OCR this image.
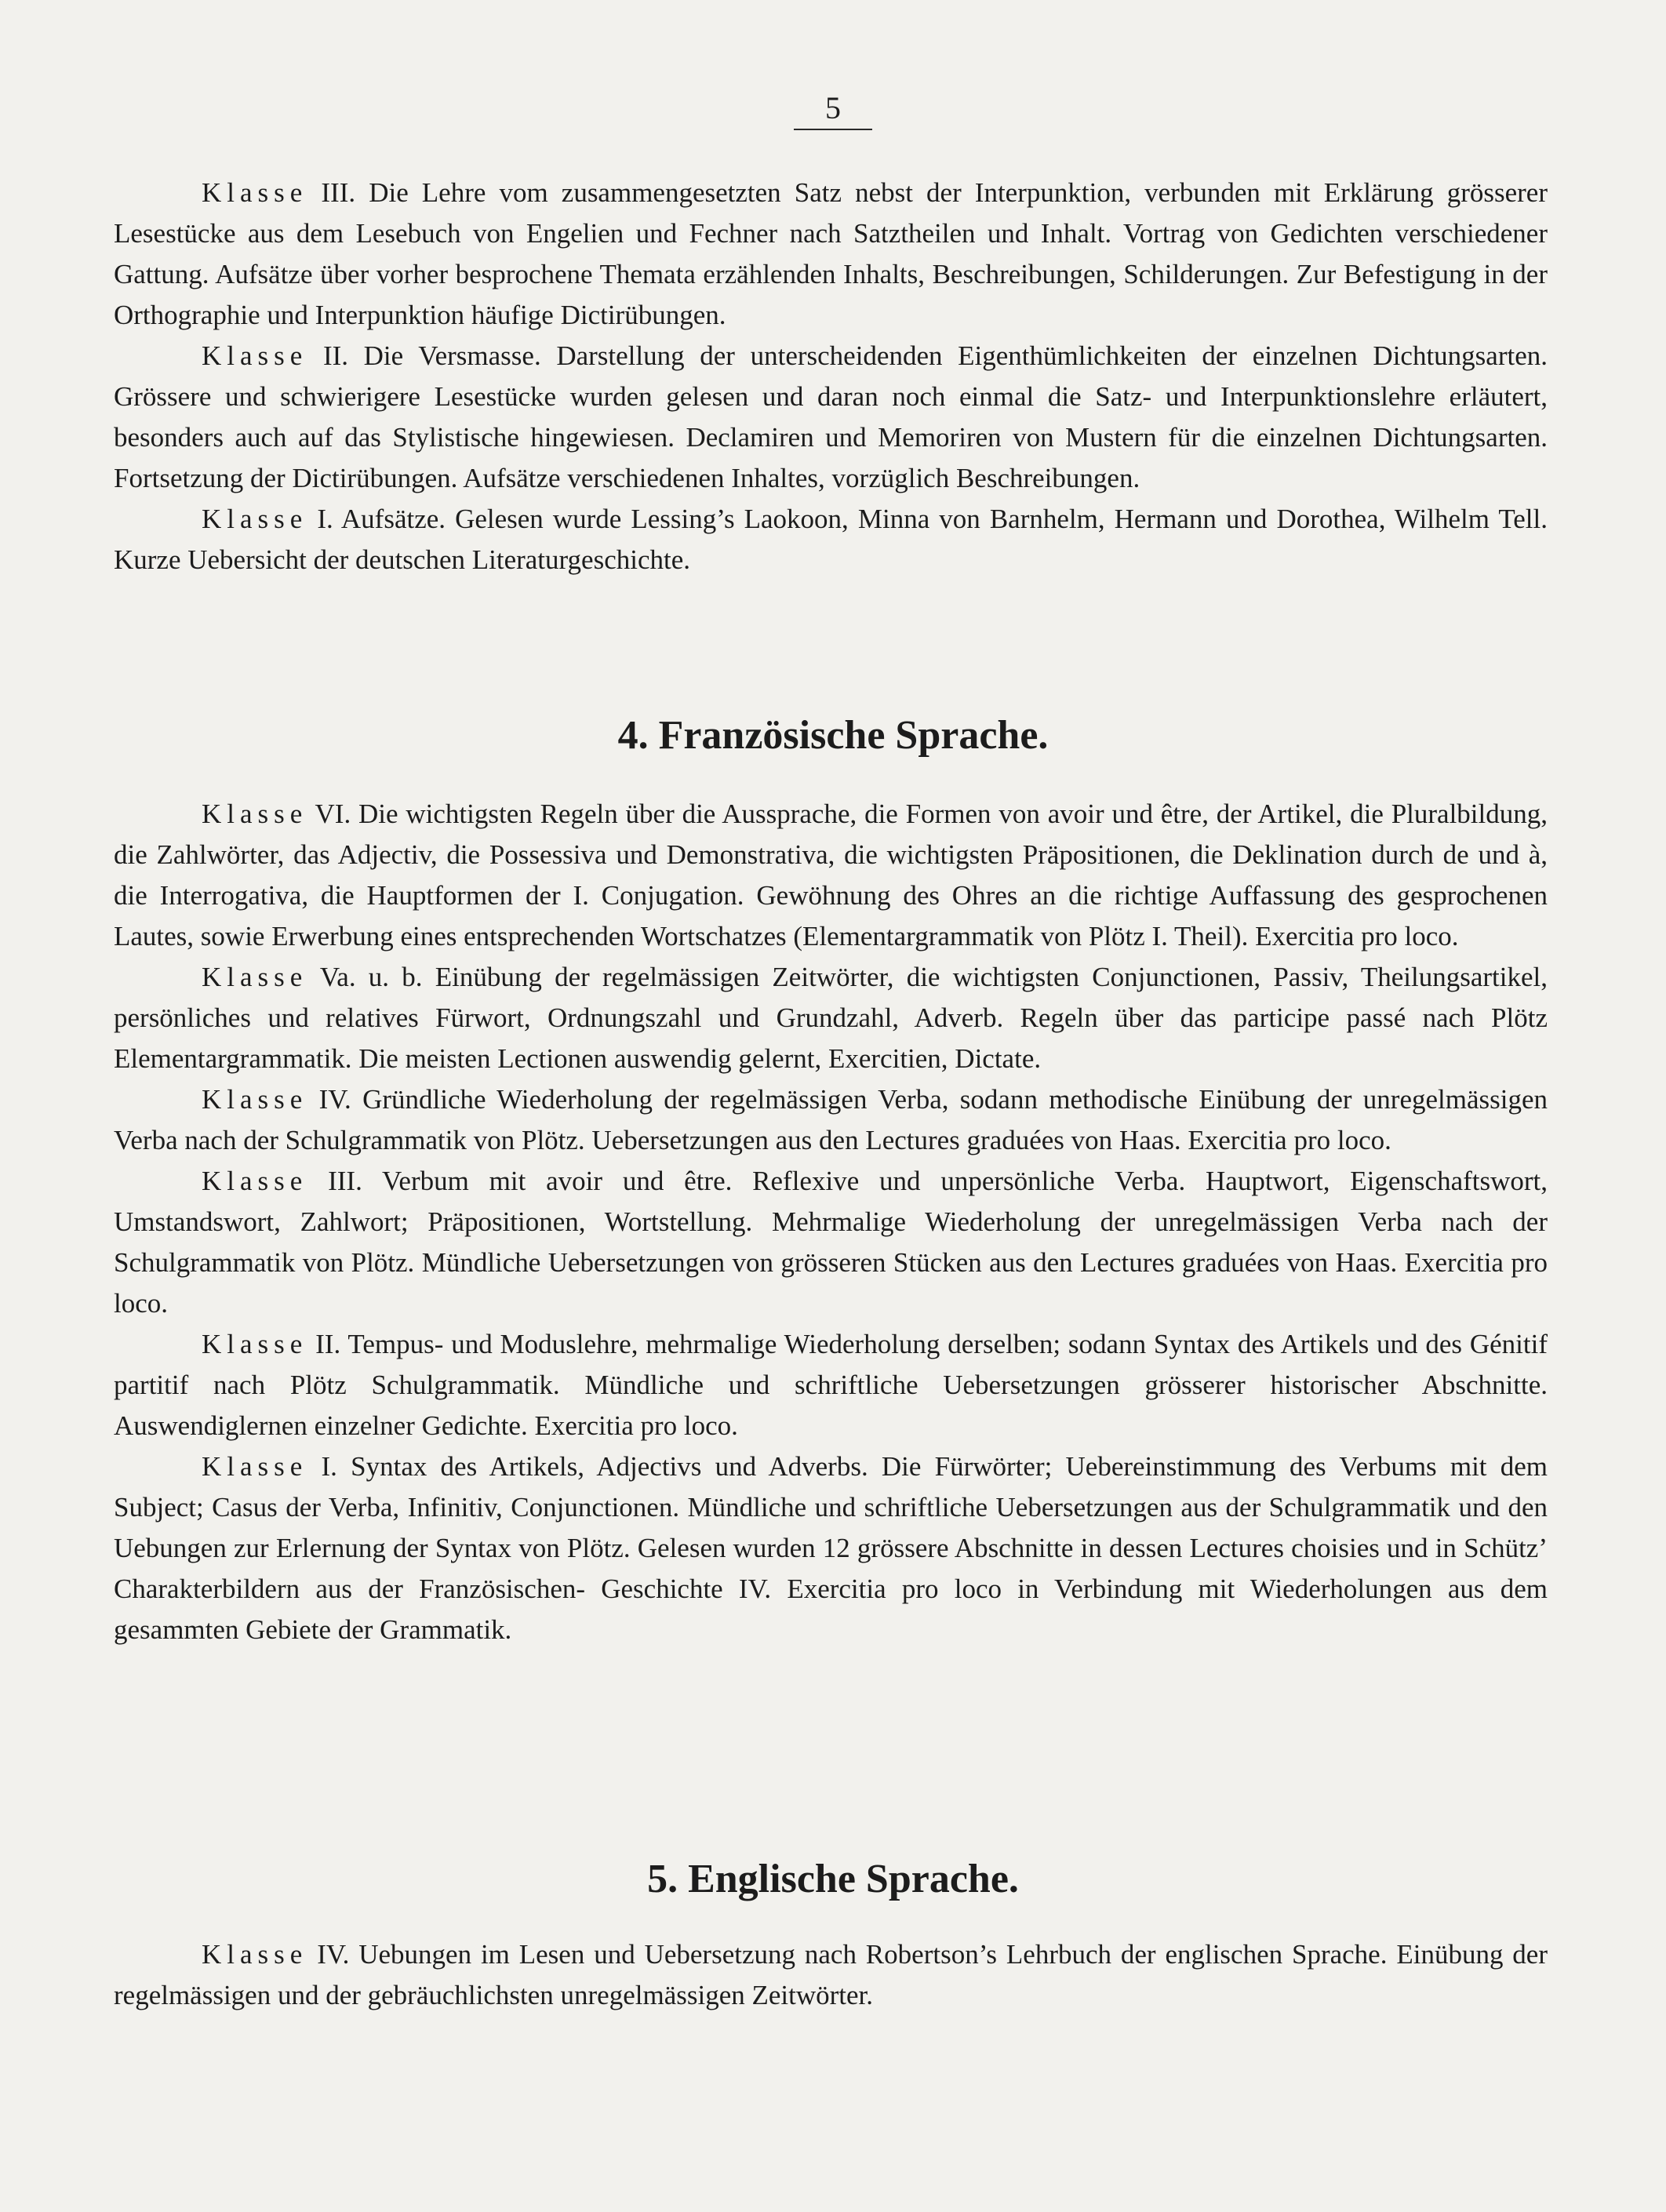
5

Klasse III. Die Lehre vom zusammengesetzten Satz nebst der Interpunktion, verbunden mit Erklärung grösserer Lesestücke aus dem Lesebuch von Engelien und Fechner nach Satztheilen und Inhalt. Vortrag von Gedichten verschiedener Gattung. Aufsätze über vorher besprochene Themata erzählenden Inhalts, Beschreibungen, Schilderungen. Zur Befestigung in der Orthographie und Interpunktion häufige Dictirübungen.

Klasse II. Die Versmasse. Darstellung der unterscheidenden Eigenthümlichkeiten der einzelnen Dichtungsarten. Grössere und schwierigere Lesestücke wurden gelesen und daran noch einmal die Satz- und Interpunktionslehre erläutert, besonders auch auf das Stylistische hingewiesen. Declamiren und Memoriren von Mustern für die einzelnen Dichtungsarten. Fortsetzung der Dictirübungen. Aufsätze verschiedenen Inhaltes, vorzüglich Beschreibungen.

Klasse I. Aufsätze. Gelesen wurde Lessing’s Laokoon, Minna von Barnhelm, Hermann und Dorothea, Wilhelm Tell. Kurze Uebersicht der deutschen Literaturgeschichte.

4. Französische Sprache.

Klasse VI. Die wichtigsten Regeln über die Aussprache, die Formen von avoir und être, der Artikel, die Pluralbildung, die Zahlwörter, das Adjectiv, die Possessiva und Demonstrativa, die wichtigsten Präpositionen, die Deklination durch de und à, die Interrogativa, die Hauptformen der I. Conjugation. Gewöhnung des Ohres an die richtige Auffassung des gesprochenen Lautes, sowie Erwerbung eines entsprechenden Wortschatzes (Elementargrammatik von Plötz I. Theil). Exercitia pro loco.

Klasse Va. u. b. Einübung der regelmässigen Zeitwörter, die wichtigsten Conjunctionen, Passiv, Theilungsartikel, persönliches und relatives Fürwort, Ordnungszahl und Grundzahl, Adverb. Regeln über das participe passé nach Plötz Elementargrammatik. Die meisten Lectionen auswendig gelernt, Exercitien, Dictate.

Klasse IV. Gründliche Wiederholung der regelmässigen Verba, sodann methodische Einübung der unregelmässigen Verba nach der Schulgrammatik von Plötz. Uebersetzungen aus den Lectures graduées von Haas. Exercitia pro loco.

Klasse III. Verbum mit avoir und être. Reflexive und unpersönliche Verba. Hauptwort, Eigenschaftswort, Umstandswort, Zahlwort; Präpositionen, Wortstellung. Mehrmalige Wiederholung der unregelmässigen Verba nach der Schulgrammatik von Plötz. Mündliche Uebersetzungen von grösseren Stücken aus den Lectures graduées von Haas. Exercitia pro loco.

Klasse II. Tempus- und Moduslehre, mehrmalige Wiederholung derselben; sodann Syntax des Artikels und des Génitif partitif nach Plötz Schulgrammatik. Mündliche und schriftliche Uebersetzungen grösserer historischer Abschnitte. Auswendiglernen einzelner Gedichte. Exercitia pro loco.

Klasse I. Syntax des Artikels, Adjectivs und Adverbs. Die Fürwörter; Uebereinstimmung des Verbums mit dem Subject; Casus der Verba, Infinitiv, Conjunctionen. Mündliche und schriftliche Uebersetzungen aus der Schulgrammatik und den Uebungen zur Erlernung der Syntax von Plötz. Gelesen wurden 12 grössere Abschnitte in dessen Lectures choisies und in Schütz’ Charakterbildern aus der Französischen- Geschichte IV. Exercitia pro loco in Verbindung mit Wiederholungen aus dem gesammten Gebiete der Grammatik.

5. Englische Sprache.

Klasse IV. Uebungen im Lesen und Uebersetzung nach Robertson’s Lehrbuch der englischen Sprache. Einübung der regelmässigen und der gebräuchlichsten unregelmässigen Zeitwörter.
